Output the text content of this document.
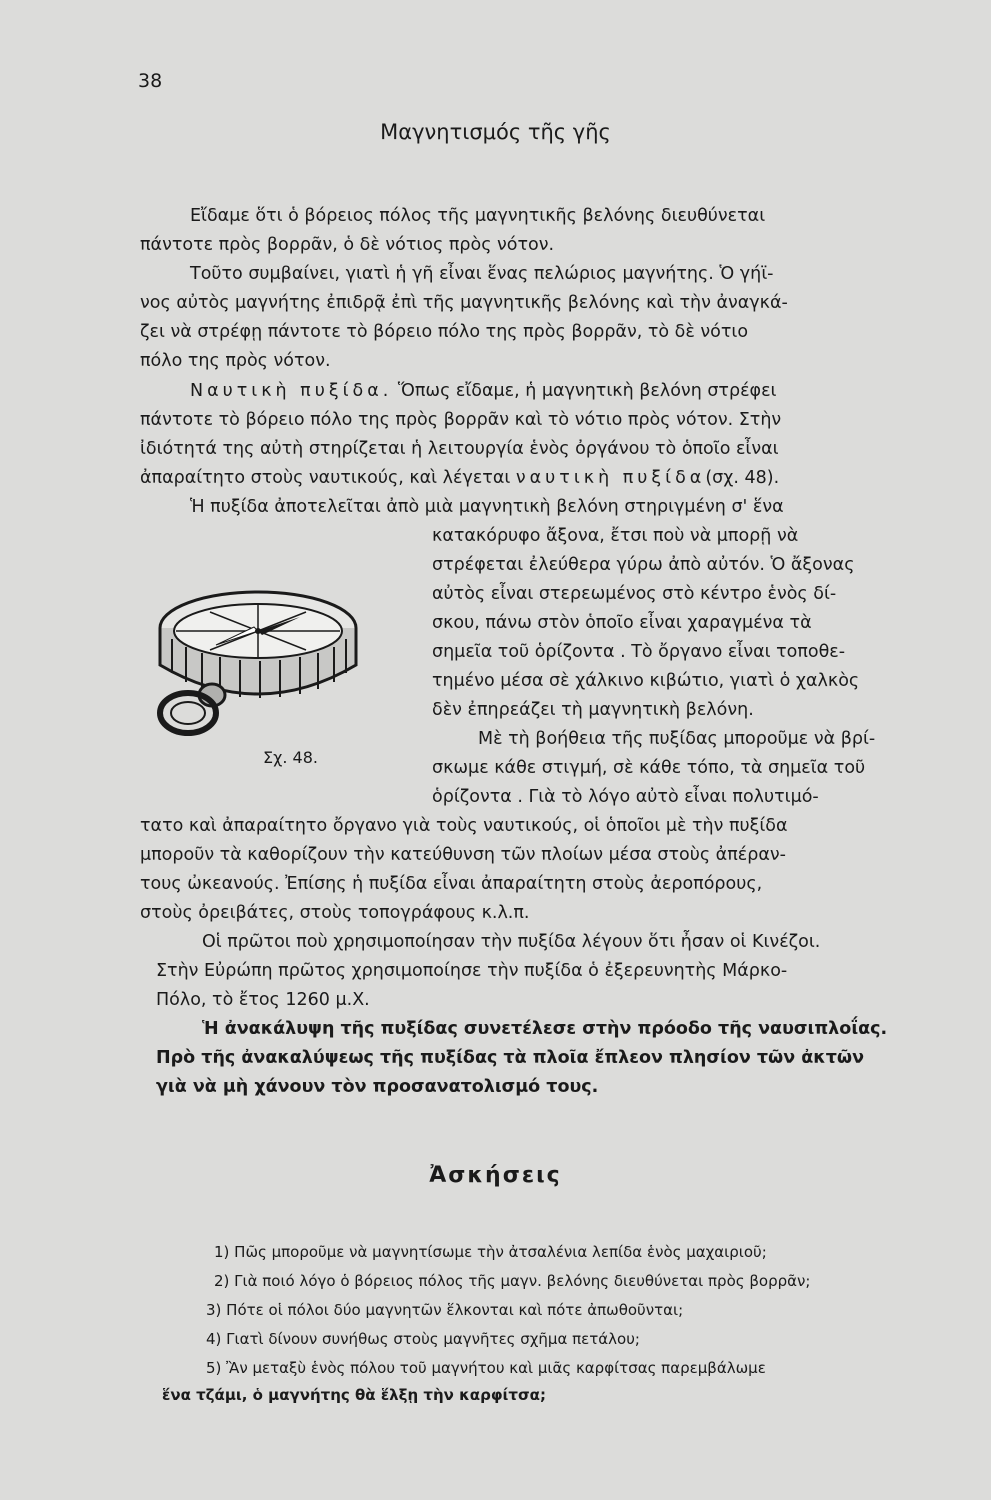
38
Μαγνητισμός τῆς γῆς
Εἴδαμε ὅτι ὁ βόρειος πόλος τῆς μαγνητικῆς βελόνης διευθύνεται
πάντοτε πρὸς βορρᾶν, ὁ δὲ νότιος πρὸς νότον.
Τοῦτο συμβαίνει, γιατὶ ἡ γῆ εἶναι ἕνας πελώριος μαγνήτης. Ὁ γήϊ-
νος αὐτὸς μαγνήτης ἐπιδρᾷ ἐπὶ τῆς μαγνητικῆς βελόνης καὶ τὴν ἀναγκά-
ζει νὰ στρέφῃ πάντοτε τὸ βόρειο πόλο της πρὸς βορρᾶν, τὸ δὲ νότιο
πόλο της πρὸς νότον.
Ναυτικὴ πυξίδα. Ὅπως εἴδαμε, ἡ μαγνητικὴ βελόνη στρέφει
πάντοτε τὸ βόρειο πόλο της πρὸς βορρᾶν καὶ τὸ νότιο πρὸς νότον. Στὴν
ἰδιότητά της αὐτὴ στηρίζεται ἡ λειτουργία ἑνὸς ὀργάνου τὸ ὁποῖο εἶναι
ἀπαραίτητο στοὺς ναυτικούς, καὶ λέγεται ναυτικὴ πυξίδα(σχ. 48).
Ἡ πυξίδα ἀποτελεῖται ἀπὸ μιὰ μαγνητικὴ βελόνη στηριγμένη σ' ἕνα
κατακόρυφο ἄξονα, ἔτσι ποὺ νὰ μπορῇ νὰ
στρέφεται ἐλεύθερα γύρω ἀπὸ αὐτόν. Ὁ ἄξονας
αὐτὸς εἶναι στερεωμένος στὸ κέντρο ἑνὸς δί-
σκου, πάνω στὸν ὁποῖο εἶναι χαραγμένα τὰ
σημεῖα τοῦ ὁρίζοντα . Τὸ ὄργανο εἶναι τοποθε-
τημένο μέσα σὲ χάλκινο κιβώτιο, γιατὶ ὁ χαλκὸς
δὲν ἐπηρεάζει τὴ μαγνητικὴ βελόνη.
Μὲ τὴ βοήθεια τῆς πυξίδας μποροῦμε νὰ βρί-
σκωμε κάθε στιγμή, σὲ κάθε τόπο, τὰ σημεῖα τοῦ
ὁρίζοντα . Γιὰ τὸ λόγο αὐτὸ εἶναι πολυτιμό-
τατο καὶ ἀπαραίτητο ὄργανο γιὰ τοὺς ναυτικούς, οἱ ὁποῖοι μὲ τὴν πυξίδα
μποροῦν τὰ καθορίζουν τὴν κατεύθυνση τῶν πλοίων μέσα στοὺς ἀπέραν-
τους ὠκεανούς. Ἐπίσης ἡ πυξίδα εἶναι ἀπαραίτητη στοὺς ἀεροπόρους,
στοὺς ὀρειβάτες, στοὺς τοπογράφους κ.λ.π.
Σχ. 48.
Οἱ πρῶτοι ποὺ χρησιμοποίησαν τὴν πυξίδα λέγουν ὅτι ἦσαν οἱ Κινέζοι.
Στὴν Εὐρώπη πρῶτος χρησιμοποίησε τὴν πυξίδα ὁ ἐξερευνητὴς Μάρκο-
Πόλο, τὸ ἔτος 1260 μ.Χ.
Ἡ ἀνακάλυψη τῆς πυξίδας συνετέλεσε στὴν πρόοδο τῆς ναυσιπλοΐας.
Πρὸ τῆς ἀνακαλύψεως τῆς πυξίδας τὰ πλοῖα ἔπλεον πλησίον τῶν ἀκτῶν
γιὰ νὰ μὴ χάνουν τὸν προσανατολισμό τους.
Ἀσκήσεις
1) Πῶς μποροῦμε νὰ μαγνητίσωμε τὴν ἀτσαλένια λεπίδα ἑνὸς μαχαιριοῦ;
2) Γιὰ ποιό λόγο ὁ βόρειος πόλος τῆς μαγν. βελόνης διευθύνεται πρὸς βορρᾶν;
3) Πότε οἱ πόλοι δύο μαγνητῶν ἕλκονται καὶ πότε ἀπωθοῦνται;
4) Γιατὶ δίνουν συνήθως στοὺς μαγνῆτες σχῆμα πετάλου;
5) Ἂν μεταξὺ ἑνὸς πόλου τοῦ μαγνήτου καὶ μιᾶς καρφίτσας παρεμβάλωμε
ἕνα τζάμι, ὁ μαγνήτης θὰ ἕλξῃ τὴν καρφίτσα;
